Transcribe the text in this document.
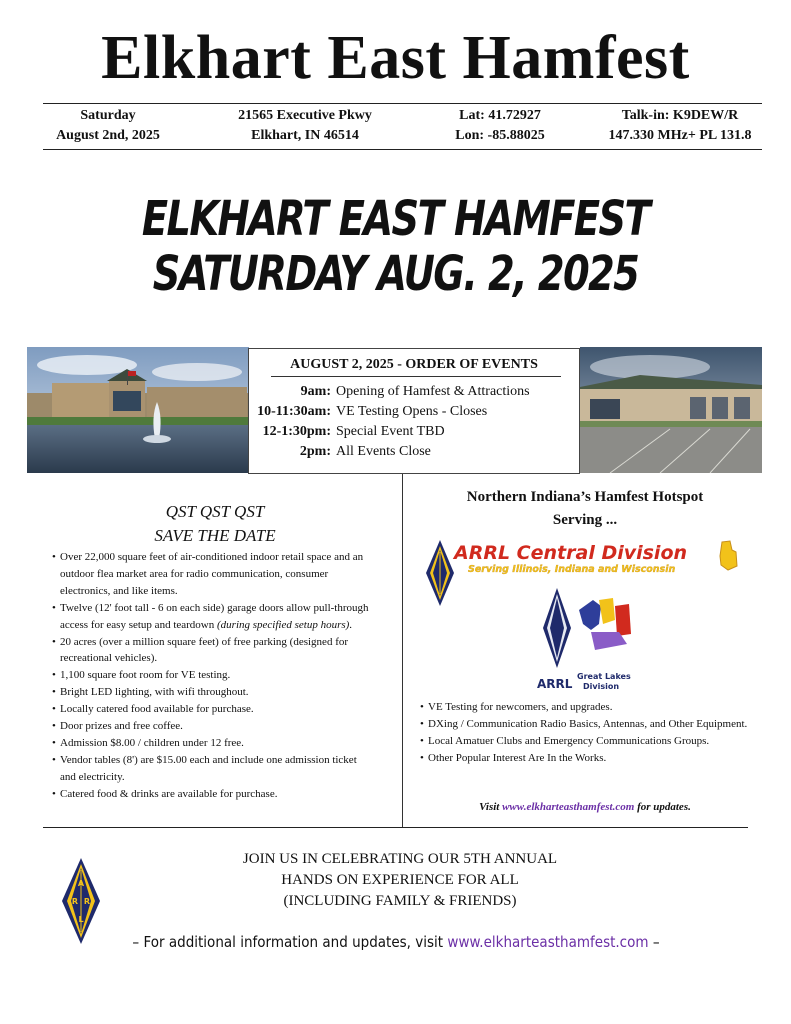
Elkhart East Hamfest
Saturday
August 2nd, 2025
21565 Executive Pkwy
Elkhart, IN 46514
Lat: 41.72927
Lon: -85.88025
Talk-in: K9DEW/R
147.330 MHz+ PL 131.8
ELKHART EAST HAMFEST
SATURDAY AUG. 2, 2025
AUGUST 2, 2025 - ORDER OF EVENTS
9am: Opening of Hamfest & Attractions
10-11:30am: VE Testing Opens - Closes
12-1:30pm: Special Event TBD
2pm: All Events Close
QST QST QST
SAVE THE DATE
• Over 22,000 square feet of air-conditioned indoor retail space and an outdoor flea market area for radio communication, consumer electronics, and like items.
• Twelve (12' foot tall - 6 on each side) garage doors allow pull-through access for easy setup and teardown (during specified setup hours).
• 20 acres (over a million square feet) of free parking (designed for recreational vehicles).
• 1,100 square foot room for VE testing.
• Bright LED lighting, with wifi throughout.
• Locally catered food available for purchase.
• Door prizes and free coffee.
• Admission $8.00 / children under 12 free.
• Vendor tables (8') are $15.00 each and include one admission ticket and electricity.
• Catered food & drinks are available for purchase.
Northern Indiana’s Hamfest Hotspot
Serving ...
ARRL Central Division
Serving Illinois, Indiana and Wisconsin
ARRL
Great Lakes
Division
• VE Testing for newcomers, and upgrades.
• DXing / Communication Radio Basics, Antennas, and Other Equipment.
• Local Amatuer Clubs and Emergency Communications Groups.
• Other Popular Interest Are In the Works.
Visit www.elkharteasthamfest.com for updates.
A
R R
L
JOIN US IN CELEBRATING OUR 5TH ANNUAL
HANDS ON EXPERIENCE FOR ALL
(INCLUDING FAMILY & FRIENDS)
– For additional information and updates, visit www.elkharteasthamfest.com –
